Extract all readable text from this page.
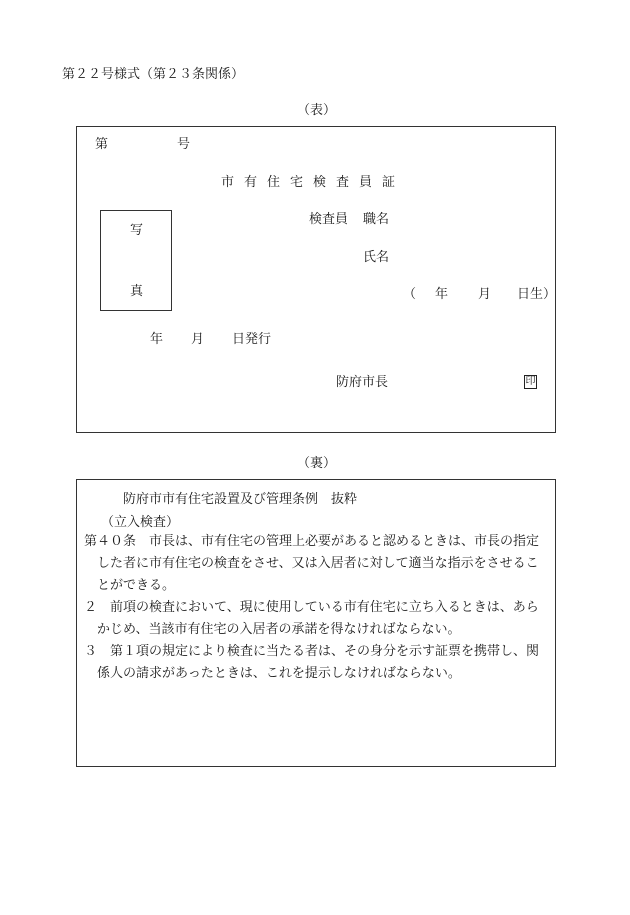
第２２号様式（第２３条関係）
（表）
第	号
市有住宅検査員証
写
真
検査員 職名
氏名
（ 年 月 日生）
年 月 日発行
防府市長	印
（裏）
防府市市有住宅設置及び管理条例　抜粋
（立入検査）
第４０条　 市長は、市有住宅の管理上必要があると認めるときは、市長の指定した者に市有住宅の検査をさせ、又は入居者に対して適当な指示をさせることができる。
２　 前項の検査において、現に使用している市有住宅に立ち入るときは、あらかじめ、当該市有住宅の入居者の承諾を得なければならない。
３　 第１項の規定により検査に当たる者は、その身分を示す証票を携帯し、関係人の請求があったときは、これを提示しなければならない。
